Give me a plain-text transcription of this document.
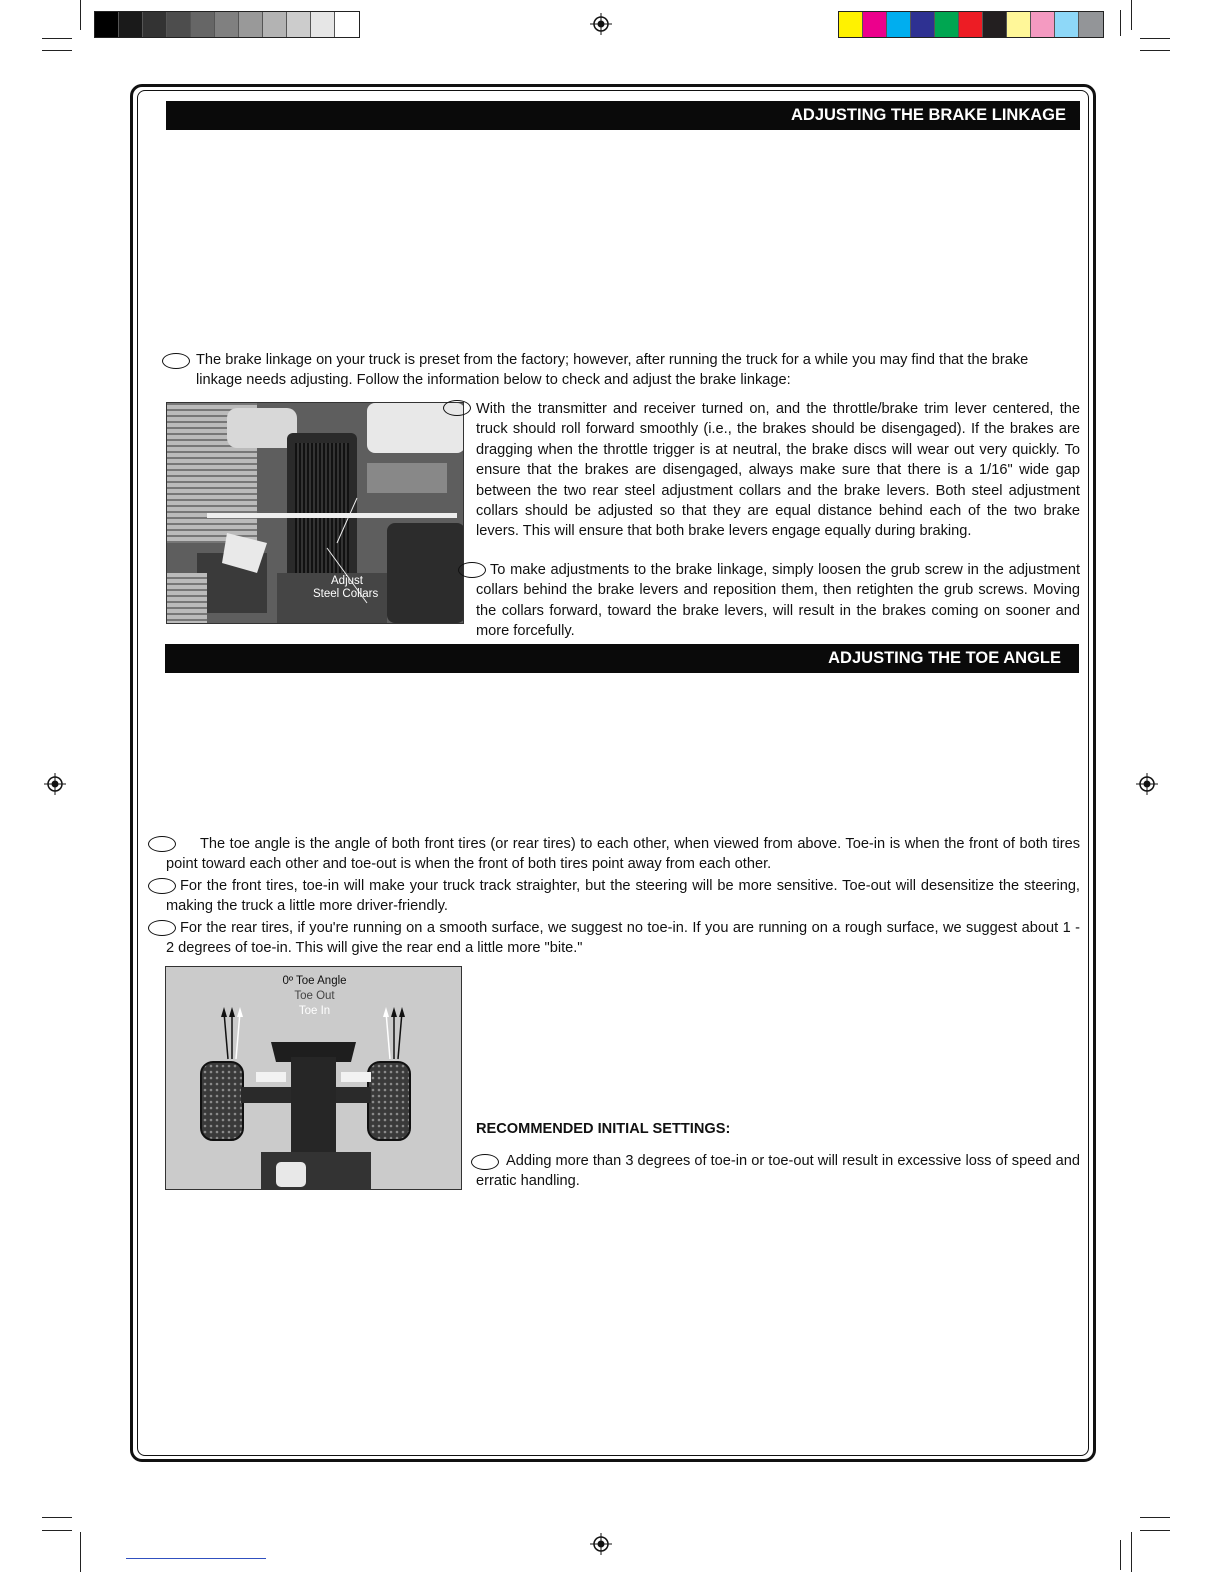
ADJUSTING THE BRAKE LINKAGE
The brake linkage on your truck is preset from the factory; however, after running the truck for a while you may find that the brake linkage needs adjusting. Follow the information below to check and adjust the brake linkage:
Adjust
Steel Collars
With the transmitter and receiver turned on, and the throttle/brake trim lever centered, the truck should roll forward smoothly (i.e., the brakes should be disengaged). If the brakes are dragging when the throttle trigger is at neutral, the brake discs will wear out very quickly. To ensure that the brakes are disengaged, always make sure that there is a 1/16" wide gap between the two rear steel adjustment collars and the brake levers. Both steel adjustment collars should be adjusted so that they are equal distance behind each of the two brake levers. This will ensure that both brake levers engage equally during braking.
To make adjustments to the brake linkage, simply loosen the grub screw in the adjustment collars behind the brake levers and reposition them, then retighten the grub screws. Moving the collars forward, toward the brake levers, will result in the brakes coming on sooner and more forcefully.
ADJUSTING THE TOE ANGLE
The toe angle is the angle of both front tires (or rear tires) to each other, when viewed from above. Toe-in is when the front of both tires point toward each other and toe-out is when the front of both tires point away from each other.
For the front tires, toe-in will make your truck track straighter, but the steering will be more sensitive. Toe-out will desensitize the steering, making the truck a little more driver-friendly.
For the rear tires, if you're running on a smooth surface, we suggest no toe-in. If you are running on a rough surface, we suggest about 1 - 2 degrees of toe-in. This will give the rear end a little more "bite."
0º Toe Angle
Toe Out
Toe In
RECOMMENDED INITIAL SETTINGS:
Adding more than 3 degrees of toe-in or toe-out will result in excessive loss of speed and erratic handling.
